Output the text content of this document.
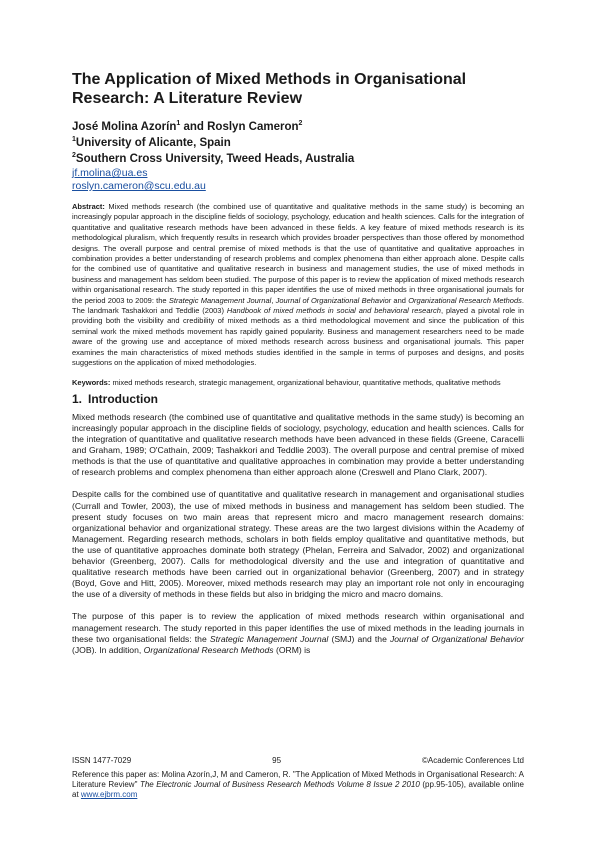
The Application of Mixed Methods in Organisational
Research: A Literature Review

José Molina Azorín$^1$ and Roslyn Cameron$^2$

$^1$University of Alicante, Spain

$^2$Southern Cross University, Tweed Heads, Australia

jf.molina@ua.es
roslyn.cameron@scu.edu.au

Abstract: Mixed methods research (the combined use of quantitative and qualitative methods in the same study) is becoming an increasingly popular approach in the discipline fields of sociology, psychology, education and health sciences. Calls for the integration of quantitative and qualitative research methods have been advanced in these fields. A key feature of mixed methods research is its methodological pluralism, which frequently results in research which provides broader perspectives than those offered by monomethod designs. The overall purpose and central premise of mixed methods is that the use of quantitative and qualitative approaches in combination provides a better understanding of research problems and complex phenomena than either approach alone. Despite calls for the combined use of quantitative and qualitative research in business and management studies, the use of mixed methods in business and management has seldom been studied. The purpose of this paper is to review the application of mixed methods research within organisational research. The study reported in this paper identifies the use of mixed methods in three organisational journals for the period 2003 to 2009: the Strategic Management Journal, Journal of Organizational Behavior and Organizational Research Methods. The landmark Tashakkori and Teddlie (2003) Handbook of mixed methods in social and behavioral research, played a pivotal role in providing both the visibility and credibility of mixed methods as a third methodological movement and since the publication of this seminal work the mixed methods movement has rapidly gained popularity. Business and management researchers need to be made aware of the growing use and acceptance of mixed methods research across business and organisational journals. This paper examines the main characteristics of mixed methods studies identified in the sample in terms of purposes and designs, and posits suggestions on the application of mixed methodologies.

Keywords: mixed methods research, strategic management, organizational behaviour, quantitative methods, qualitative methods

1. Introduction

Mixed methods research (the combined use of quantitative and qualitative methods in the same study) is becoming an increasingly popular approach in the discipline fields of sociology, psychology, education and health sciences. Calls for the integration of quantitative and qualitative research methods have been advanced in these fields (Greene, Caracelli and Graham, 1989; O'Cathain, 2009; Tashakkori and Teddlie 2003). The overall purpose and central premise of mixed methods is that the use of quantitative and qualitative approaches in combination may provide a better understanding of research problems and complex phenomena than either approach alone (Creswell and Plano Clark, 2007).

Despite calls for the combined use of quantitative and qualitative research in management and organisational studies (Currall and Towler, 2003), the use of mixed methods in business and management has seldom been studied. The present study focuses on two main areas that represent micro and macro management research domains: organizational behavior and organizational strategy. These areas are the two largest divisions within the Academy of Management. Regarding research methods, scholars in both fields employ qualitative and quantitative methods, but the use of quantitative approaches dominate both strategy (Phelan, Ferreira and Salvador, 2002) and organizational behavior (Greenberg, 2007). Calls for methodological diversity and the use and integration of quantitative and qualitative research methods have been carried out in organizational behavior (Greenberg, 2007) and in strategy (Boyd, Gove and Hitt, 2005). Moreover, mixed methods research may play an important role not only in encouraging the use of a diversity of methods in these fields but also in bridging the micro and macro domains.

The purpose of this paper is to review the application of mixed methods research within organisational and management research. The study reported in this paper identifies the use of mixed methods in the leading journals in these two organisational fields: the Strategic Management Journal (SMJ) and the Journal of Organizational Behavior (JOB). In addition, Organizational Research Methods (ORM) is

ISSN 1477-7029	95	©Academic Conferences Ltd
Reference this paper as: Molina Azorín,J, M and Cameron, R. "The Application of Mixed Methods in Organisational Research: A Literature Review" The Electronic Journal of Business Research Methods Volume 8 Issue 2 2010 (pp.95-105), available online at www.ejbrm.com
